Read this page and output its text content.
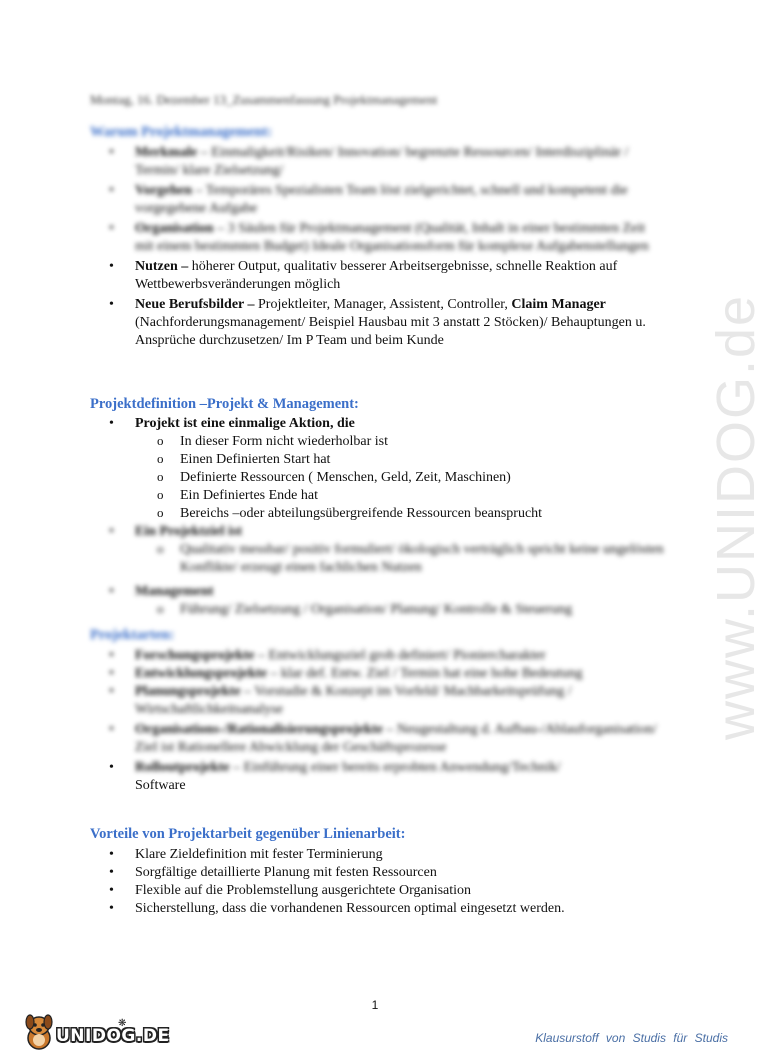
www.UNIDOG.de
Montag, 16. Dezember 13_Zusammenfassung Projektmanagement
Warum Projektmanagement:
• Merkmale – Einmaligkeit/Risiken/ Innovation/ begrenzte Ressourcen/ Interdisziplinär / Termin/ klare Zielsetzung/
• Vorgehen – Temporäres Spezialisten Team löst zielgerichtet, schnell und kompetent die vorgegebene Aufgabe
• Organisation – 3 Säulen für Projektmanagement (Qualität, Inhalt in einer bestimmten Zeit mit einem bestimmten Budget) Ideale Organisationsform für komplexe Aufgabenstellungen
• Nutzen – höherer Output, qualitativ besserer Arbeitsergebnisse, schnelle Reaktion auf Wettbewerbsveränderungen möglich
• Neue Berufsbilder – Projektleiter, Manager, Assistent, Controller, Claim Manager (Nachforderungsmanagement/ Beispiel Hausbau mit 3 anstatt 2 Stöcken)/ Behauptungen u. Ansprüche durchzusetzen/ Im P Team und beim Kunde
Projektdefinition –Projekt & Management:
• Projekt ist eine einmalige Aktion, die
o In dieser Form nicht wiederholbar ist
o Einen Definierten Start hat
o Definierte Ressourcen ( Menschen, Geld, Zeit, Maschinen)
o Ein Definiertes Ende hat
o Bereichs –oder abteilungsübergreifende Ressourcen beansprucht
• Ein Projektziel ist
o Qualitativ messbar/ positiv formuliert/ ökologisch verträglich spricht keine ungelösten Konflikte/ erzeugt einen fachlichen Nutzen
• Management
o Führung/ Zielsetzung / Organisation/ Planung/ Kontrolle & Steuerung
Projektarten:
• Forschungsprojekte – Entwicklungsziel grob definiert/ Pioniercharakter
• Entwicklungsprojekte – klar def. Entw. Ziel / Termin hat eine hohe Bedeutung
• Planungsprojekte – Vorstudie & Konzept im Vorfeld/ Machbarkeitsprüfung / Wirtschaftlichkeitsanalyse
• Organisations-/Rationalisierungsprojekte – Neugestaltung d. Aufbau-/Ablauforganisation/ Ziel ist Rationellere Abwicklung der Geschäftsprozesse
• Rolloutprojekte – Einführung einer bereits erprobten Anwendung/Technik/
Software
Vorteile von Projektarbeit gegenüber Linienarbeit:
• Klare Zieldefinition mit fester Terminierung
• Sorgfältige detaillierte Planung mit festen Ressourcen
• Flexible auf die Problemstellung ausgerichtete Organisation
• Sicherstellung, dass die vorhandenen Ressourcen optimal eingesetzt werden.
1
UNIDOG.DE
❋
Klausurstoff von Studis für Studis
